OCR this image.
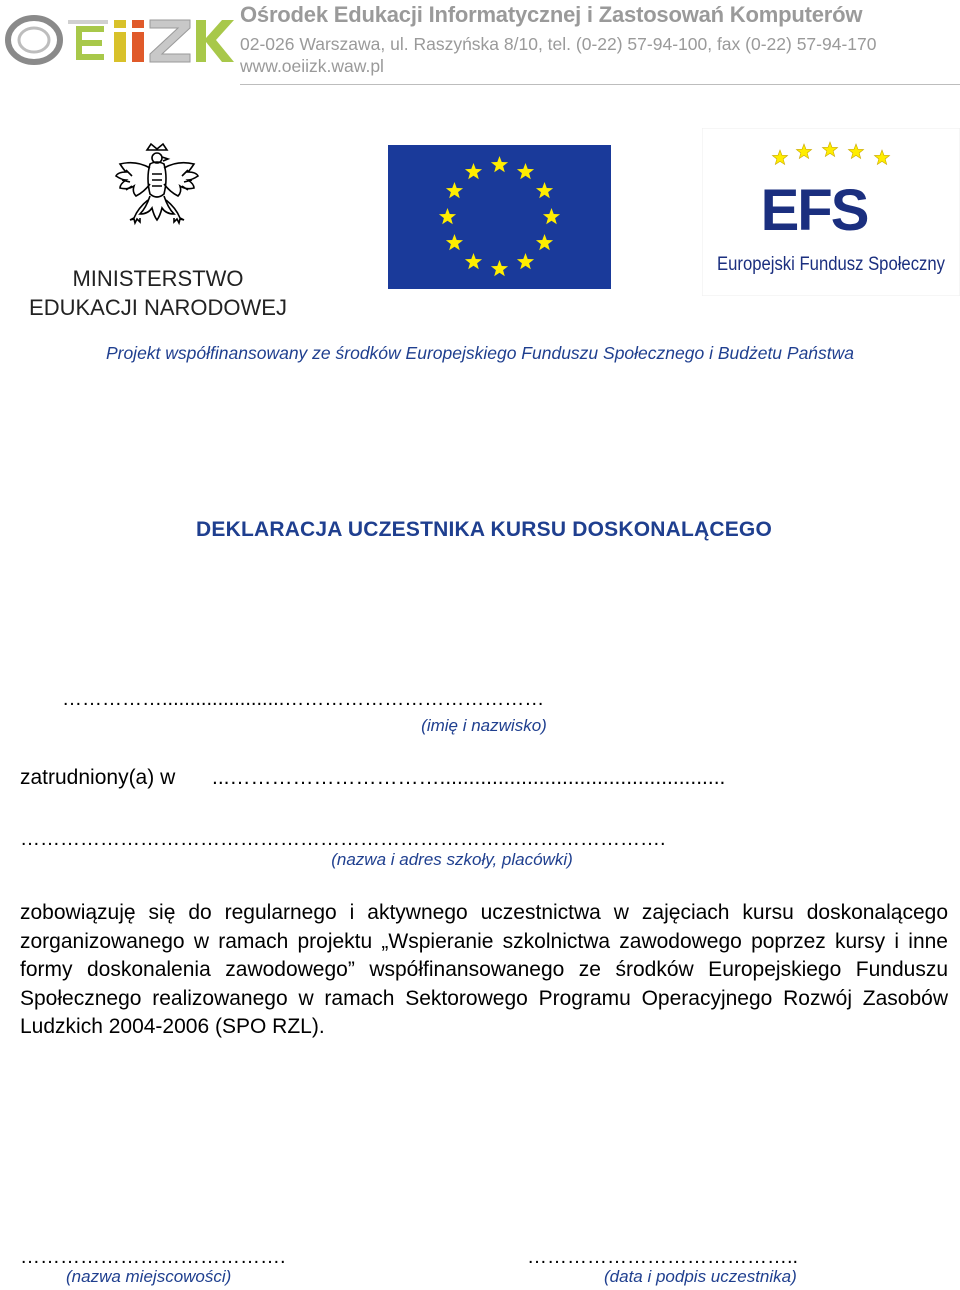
Ośrodek Edukacji Informatycznej i Zastosowań Komputerów
02-026 Warszawa, ul. Raszyńska 8/10, tel. (0-22) 57-94-100, fax (0-22) 57-94-170
www.oeiizk.waw.pl
MINISTERSTWO
EDUKACJI NARODOWEJ
EFS
Europejski Fundusz Społeczny
Projekt współfinansowany ze środków Europejskiego Funduszu Społecznego i Budżetu Państwa
DEKLARACJA UCZESTNIKA KURSU DOSKONALĄCEGO
……………......................…………………………………
(imię i nazwisko)
zatrudniony(a) w ...………………………….................................................
…………………………………………………………………………………….
(nazwa i adres szkoły, placówki)
zobowiązuję się do regularnego i aktywnego uczestnictwa w zajęciach kursu doskonalącego zorganizowanego w ramach projektu „Wspieranie szkolnictwa zawodowego poprzez kursy i inne formy doskonalenia zawodowego” współfinansowanego ze środków Europejskiego Funduszu Społecznego realizowanego w ramach Sektorowego Programu Operacyjnego Rozwój Zasobów Ludzkich 2004-2006 (SPO RZL).
………………………………….	…………………………………..
(nazwa miejscowości)	(data i podpis uczestnika)
